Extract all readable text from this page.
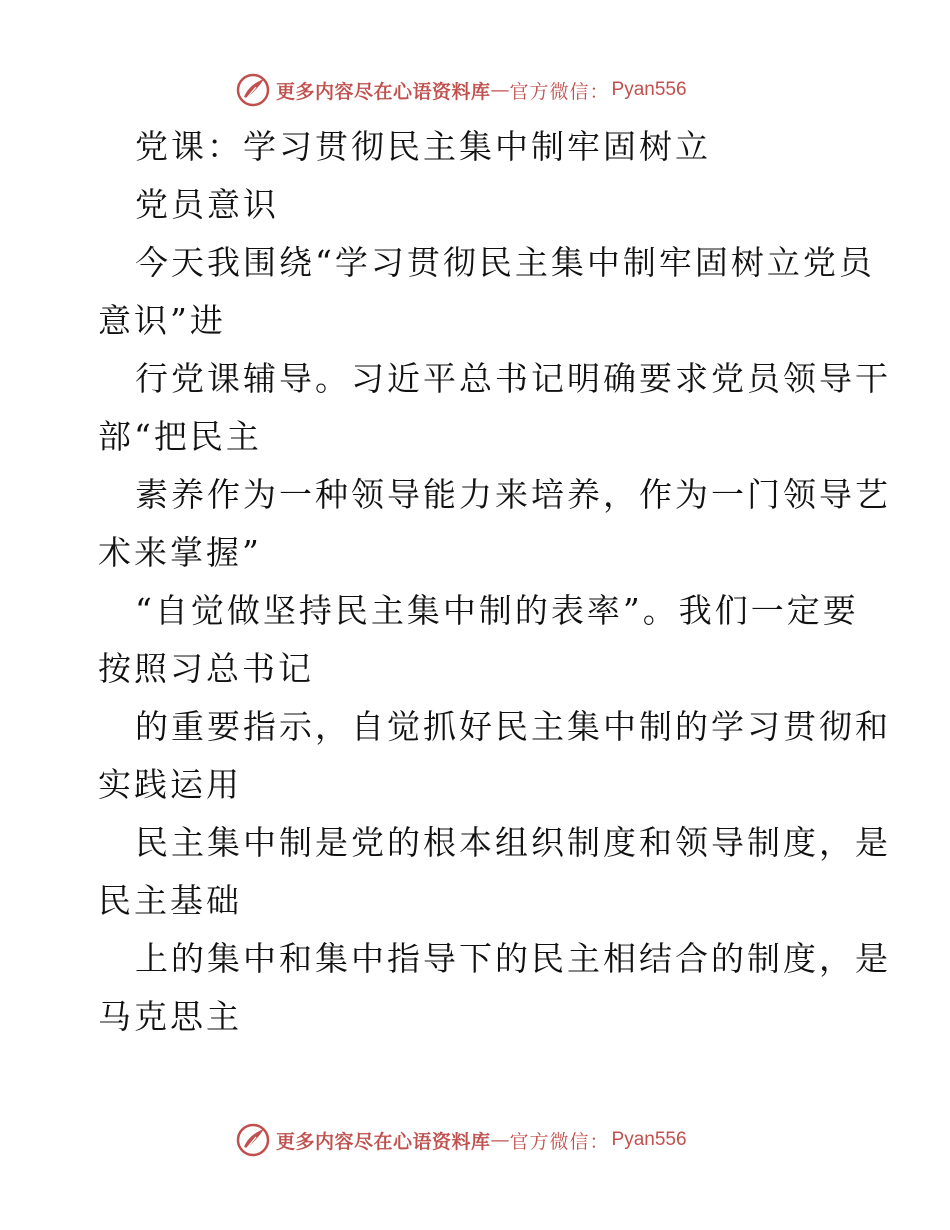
更多内容尽在心语资料库 — 官方微信： Pyan556
党课：学习贯彻民主集中制牢固树立
党员意识
今天我围绕“学习贯彻民主集中制牢固树立党员
意识”进
行党课辅导。习近平总书记明确要求党员领导干
部“把民主
素养作为一种领导能力来培养，作为一门领导艺
术来掌握”
“自觉做坚持民主集中制的表率”。我们一定要
按照习总书记
的重要指示，自觉抓好民主集中制的学习贯彻和
实践运用
民主集中制是党的根本组织制度和领导制度，是
民主基础
上的集中和集中指导下的民主相结合的制度，是
马克思主
更多内容尽在心语资料库 — 官方微信： Pyan556
